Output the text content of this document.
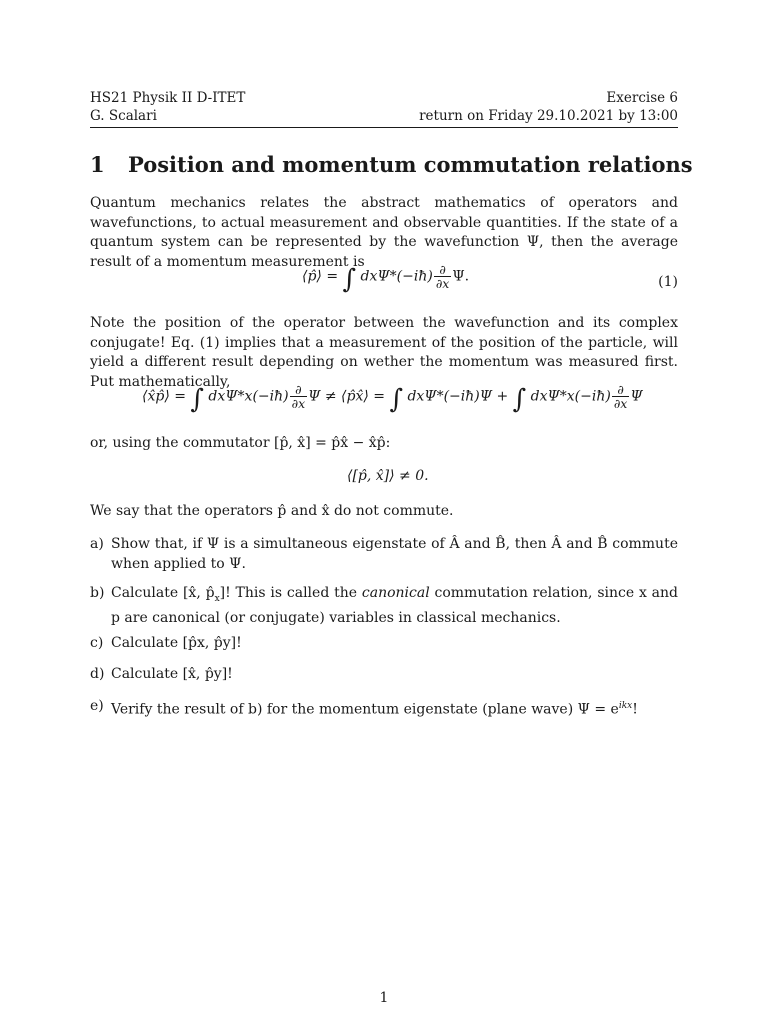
HS21 Physik II D-ITET	Exercise 6
G. Scalari	return on Friday 29.10.2021 by 13:00
1 Position and momentum commutation relations
Quantum mechanics relates the abstract mathematics of operators and wavefunctions, to actual measurement and observable quantities. If the state of a quantum system can be represented by the wavefunction Ψ, then the average result of a momentum measurement is
⟨p̂⟩ = ∫ dxΨ*(−iħ) $\frac{\partial}{\partial x} \Psi$.	(1)
Note the position of the operator between the wavefunction and its complex conjugate! Eq. (1) implies that a measurement of the position of the particle, will yield a different result depending on wether the momentum was measured first. Put mathematically,
⟨x̂p̂⟩ = ∫ dxΨ*x(−iħ) $\frac{\partial}{\partial x}$ Ψ ≠ ⟨p̂x̂⟩ = ∫ dxΨ*(−iħ)Ψ + ∫ dxΨ*x(−iħ) $\frac{\partial}{\partial x}$ Ψ
or, using the commutator [p̂, x̂] = p̂x̂ − x̂p̂:
⟨[p̂, x̂]⟩ ≠ 0.
We say that the operators p̂ and x̂ do not commute.
a) Show that, if Ψ is a simultaneous eigenstate of Â and B̂, then Â and B̂ commute when applied to Ψ.
b) Calculate [x̂, $p̂_x$]! This is called the canonical commutation relation, since x and p are canonical (or conjugate) variables in classical mechanics.
c) Calculate [p̂x, p̂y]!
d) Calculate [x̂, p̂y]!
e) Verify the result of b) for the momentum eigenstate (plane wave) $\Psi = e^{ikx}$!
1
